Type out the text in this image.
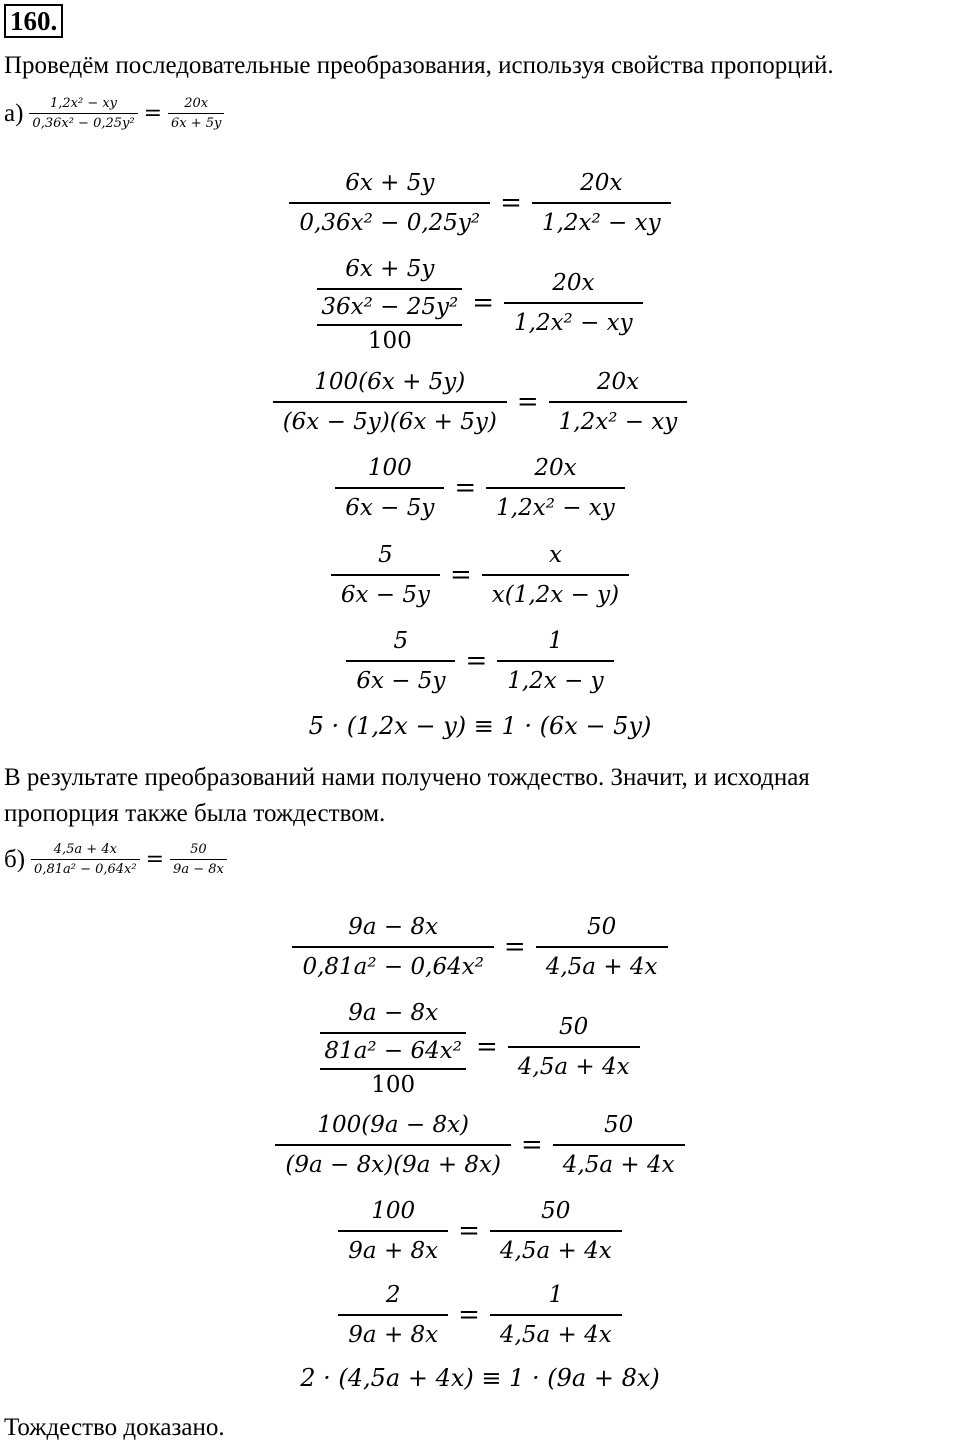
160.
Проведём последовательные преобразования, используя свойства пропорций.
$а) \frac{\text{1,2x² − xy}}{\text{0,36x² − 0,25y²}} = \frac{20x}{6x + 5y}$
$\frac{6x + 5y}{\text{0,36x² − 0,25y²}} = \frac{20x}{\text{1,2x² − xy}}$
6x + 5y
36x² − 25y²
$100 = \frac{20x}{\text{1,2x² − xy}}$
$\frac{100(6x + 5y)}{(6x - 5y)(6x + 5y)} = \frac{20x}{\text{1,2x² − xy}}$
$\frac{100}{6x - 5y} = \frac{20x}{\text{1,2x² − xy}}$
$\frac{5}{6x - 5y} = \frac{x}{x(1,2x - y)}$
$\frac{5}{6x - 5y} = \frac{1}{1,2x - y}$
5 · (1,2x − y) ≡ 1 · (6x − 5y)
В результате преобразований нами получено тождество. Значит, и исходная
пропорция также была тождеством.
$б) \frac{4,5a + 4x}{\text{0,81a² − 0,64x²}} = \frac{50}{9a - 8x}$
$\frac{9a - 8x}{\text{0,81a² − 0,64x²}} = \frac{50}{4,5a + 4x}$
9a − 8x
81a² − 64x²
$100 = \frac{50}{4,5a + 4x}$
$\frac{100(9a - 8x)}{(9a - 8x)(9a + 8x)} = \frac{50}{4,5a + 4x}$
$\frac{100}{9a + 8x} = \frac{50}{4,5a + 4x}$
$\frac{2}{9a + 8x} = \frac{1}{4,5a + 4x}$
2 · (4,5a + 4x) ≡ 1 · (9a + 8x)
Тождество доказано.
